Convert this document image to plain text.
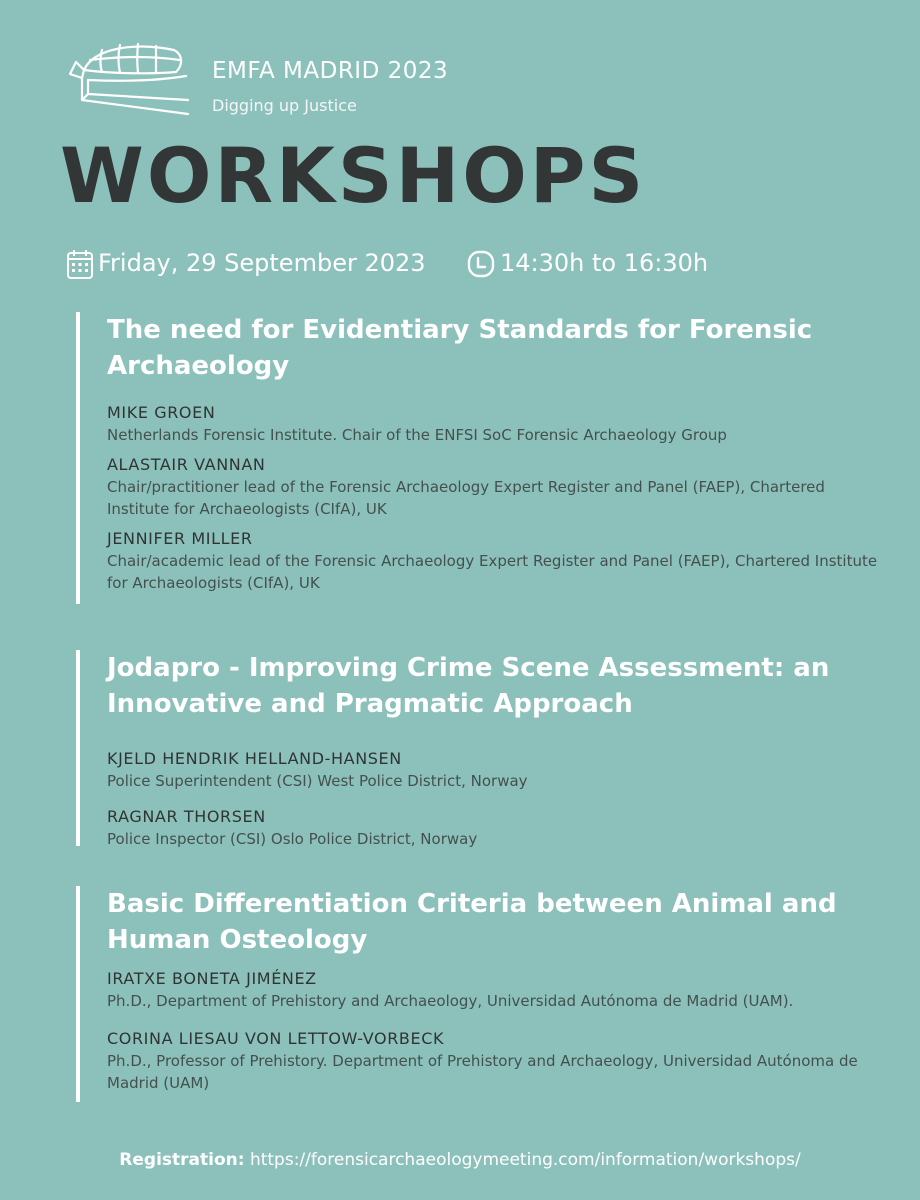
EMFA MADRID 2023
Digging up Justice
WORKSHOPS
Friday, 29 September 2023	14:30h to 16:30h
The need for Evidentiary Standards for Forensic Archaeology
MIKE GROEN
Netherlands Forensic Institute. Chair of the ENFSI SoC Forensic Archaeology Group
ALASTAIR VANNAN
Chair/practitioner lead of the Forensic Archaeology Expert Register and Panel (FAEP), Chartered Institute for Archaeologists (CIfA), UK
JENNIFER MILLER
Chair/academic lead of the Forensic Archaeology Expert Register and Panel (FAEP), Chartered Institute for Archaeologists (CIfA), UK
Jodapro - Improving Crime Scene Assessment: an Innovative and Pragmatic Approach
KJELD HENDRIK HELLAND-HANSEN
Police Superintendent (CSI) West Police District, Norway
RAGNAR THORSEN
Police Inspector (CSI) Oslo Police District, Norway
Basic Differentiation Criteria between Animal and Human Osteology
IRATXE BONETA JIMÉNEZ
Ph.D., Department of Prehistory and Archaeology, Universidad Autónoma de Madrid (UAM).
CORINA LIESAU VON LETTOW-VORBECK
Ph.D., Professor of Prehistory. Department of Prehistory and Archaeology, Universidad Autónoma de Madrid (UAM)
Registration: https://forensicarchaeologymeeting.com/information/workshops/
